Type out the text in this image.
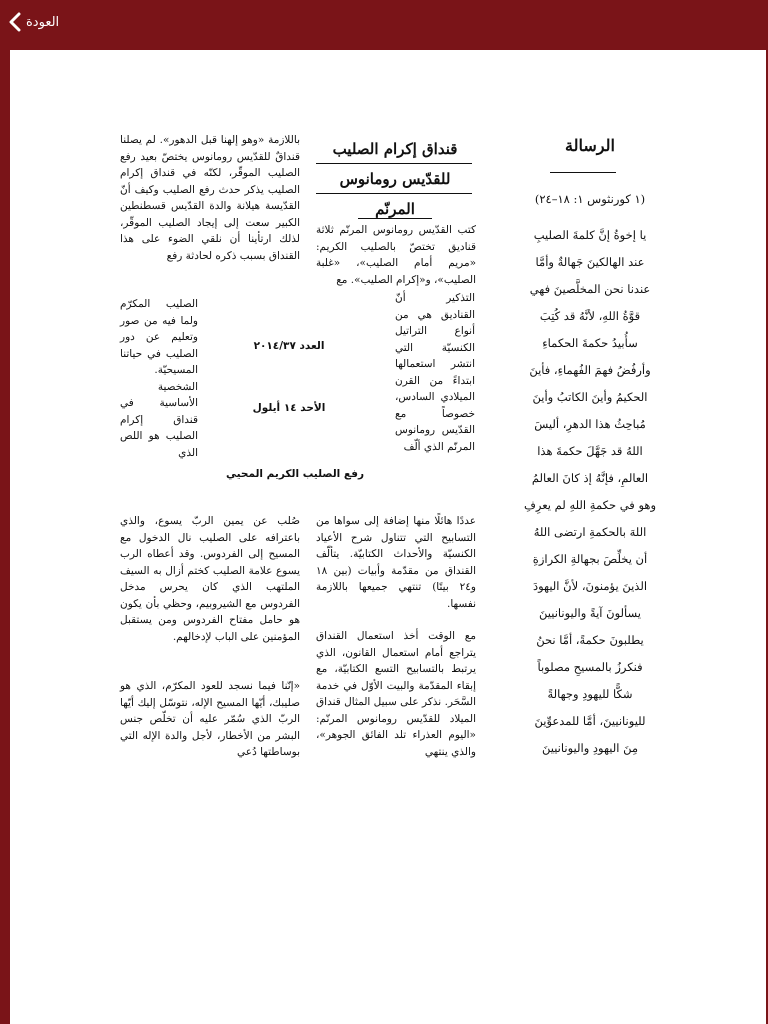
العودة
الرسالة
(١ كورنثوس ١: ١٨–٢٤)
يا إخوةُ إنَّ كلمةَ الصليبِ
عند الهالكينَ جَهالةٌ وأمَّا
عندنا نحن المخلَّصينَ فهي
قوَّةُ اللهِ، لأنَّهُ قد كُتِبَ
سأُبيدُ حكمةَ الحكماءِ
وأرفُضُ فهمَ الفُهماءِ، فأينَ
الحكيمُ وأينَ الكاتبُ وأينَ
مُباحِثُ هذا الدهرِ، أليسَ
اللهُ قد جَهَّلَ حكمةَ هذا
العالمِ، فإنَّهُ إذ كانَ العالمُ
وهو في حكمةِ اللهِ لم يعرِفِ
اللهَ بالحكمةِ ارتضى اللهُ
أن يخلِّصَ بجهالةِ الكرازةِ
الذينَ يؤمنونَ، لأنَّ اليهودَ
يسألونَ آيةً واليونانيينَ
يطلبونَ حكمةً، أمَّا نحنُ
فنكرزُ بالمسيحِ مصلوباً
شكًّا لليهودِ وجهالةً
لليونانيينَ، أمَّا للمدعوِّينَ
مِنَ اليهودِ واليونانيينَ
قنداق إكرام الصليب
للقدّيس رومانوس
المرنّم
كتب القدّيس رومانوس المرنّم ثلاثة قناديق تختصّ بالصليب الكريم: «مريم أمام الصليب»، «غلبة الصليب»، و«إكرام الصليب». مع
التذكير أنّ القناديق هي من أنواع التراتيل الكنسيّة التي انتشر استعمالها ابتداءً من القرن الميلادي السادس، خصوصاً مع القدّيس رومانوس المرنّم الذي ألّف
عددًا هائلًا منها إضافة إلى سواها من التسابيح التي تتناول شرح الأعياد الكنسيّة والأحداث الكتابيّة. يتألّف القنداق من مقدّمة وأبيات (بين ١٨ و٢٤ بيتًا) تنتهي جميعها باللازمة نفسها.
مع الوقت أخذ استعمال القنداق يتراجع أمام استعمال القانون، الذي يرتبط بالتسابيح التسع الكتابيّة، مع إبقاء المقدّمة والبيت الأوّل في خدمة السَّحَر. نذكر على سبيل المثال قنداق الميلاد للقدّيس رومانوس المرنّم: «اليوم العذراء تلد الفائق الجوهر»، والذي ينتهي
باللازمة «وهو إلهنا قبل الدهور». لم يصلنا قنداقٌ للقدّيس رومانوس يختصّ بعيد رفع الصليب الموقّر، لكنّه في قنداق إكرام الصليب يذكر حدث رفع الصليب وكيف أنّ القدّيسة هيلانة والدة القدّيس قسطنطين الكبير سعت إلى إيجاد الصليب الموقّر، لذلك ارتأينا أن نلقي الضوء على هذا القنداق بسبب ذكره لحادثة رفع
الصليب المكرّم ولما فيه من صور وتعليم عن دور الصليب في حياتنا المسيحيّة. الشخصية الأساسية في قنداق إكرام الصليب هو اللص الذي
صُلب عن يمين الربّ يسوع، والذي باعترافه على الصليب نال الدخول مع المسيح إلى الفردوس. وقد أعطاه الرب يسوع علامة الصليب كختم أزال به السيف الملتهب الذي كان يحرس مدخل الفردوس مع الشيروبيم، وحظي بأن يكون هو حامل مفتاح الفردوس ومن يستقبل المؤمنين على الباب لإدخالهم.
«إنّنا فيما نسجد للعود المكرّم، الذي هو صليبك، أيّها المسيح الإله، نتوسّل إليك أيّها الربّ الذي سُمّر عليه أن تخلّص جنس البشر من الأخطار، لأجل والدة الإله التي بوساطتها دُعي
العدد ٢٠١٤/٣٧
الأحد ١٤ أيلول
رفع الصليب الكريم المحيي
